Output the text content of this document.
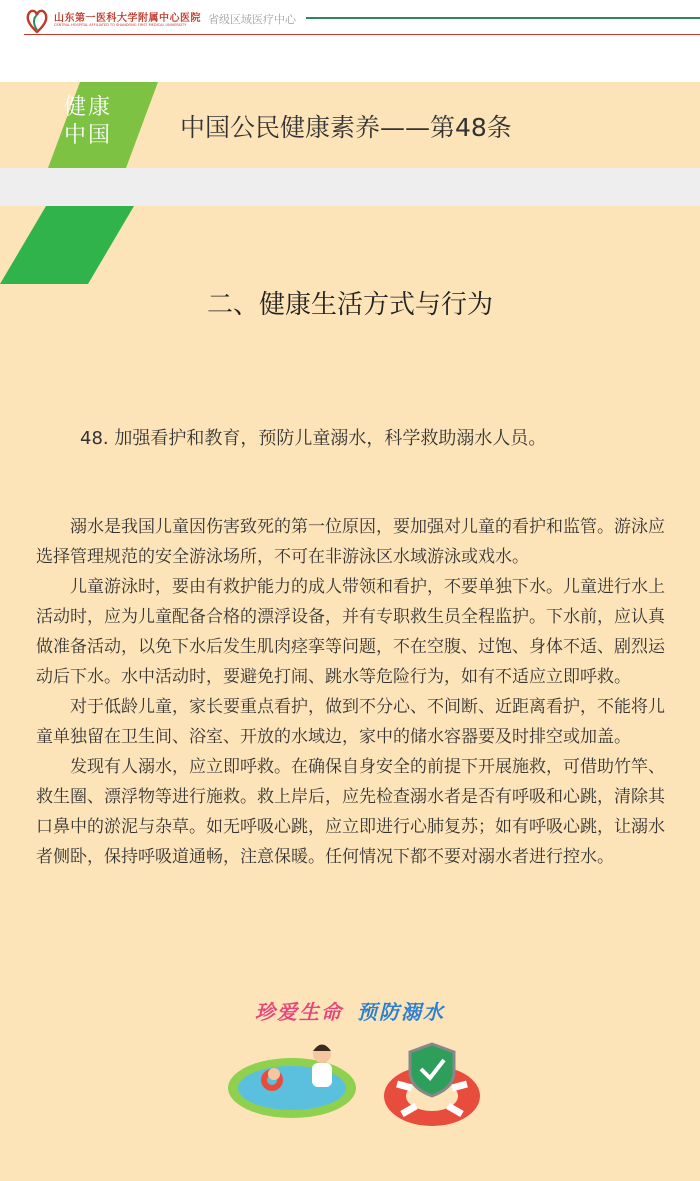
山东第一医科大学附属中心医院
CENTRAL HOSPITAL AFFILIATED TO SHANDONG FIRST MEDICAL UNIVERSITY 省级区域医疗中心
健康
中国	中国公民健康素养——第48条
二、健康生活方式与行为
48. 加强看护和教育，预防儿童溺水，科学救助溺水人员。

溺水是我国儿童因伤害致死的第一位原因，要加强对儿童的看护和监管。游泳应选择管理规范的安全游泳场所，不可在非游泳区水域游泳或戏水。

儿童游泳时，要由有救护能力的成人带领和看护，不要单独下水。儿童进行水上活动时，应为儿童配备合格的漂浮设备，并有专职救生员全程监护。下水前，应认真做准备活动，以免下水后发生肌肉痉挛等问题，不在空腹、过饱、身体不适、剧烈运动后下水。水中活动时，要避免打闹、跳水等危险行为，如有不适应立即呼救。

对于低龄儿童，家长要重点看护，做到不分心、不间断、近距离看护，不能将儿童单独留在卫生间、浴室、开放的水域边，家中的储水容器要及时排空或加盖。

发现有人溺水，应立即呼救。在确保自身安全的前提下开展施救，可借助竹竿、救生圈、漂浮物等进行施救。救上岸后，应先检查溺水者是否有呼吸和心跳，清除其口鼻中的淤泥与杂草。如无呼吸心跳，应立即进行心肺复苏；如有呼吸心跳，让溺水者侧卧，保持呼吸道通畅，注意保暖。任何情况下都不要对溺水者进行控水。

珍爱生命 预防溺水
